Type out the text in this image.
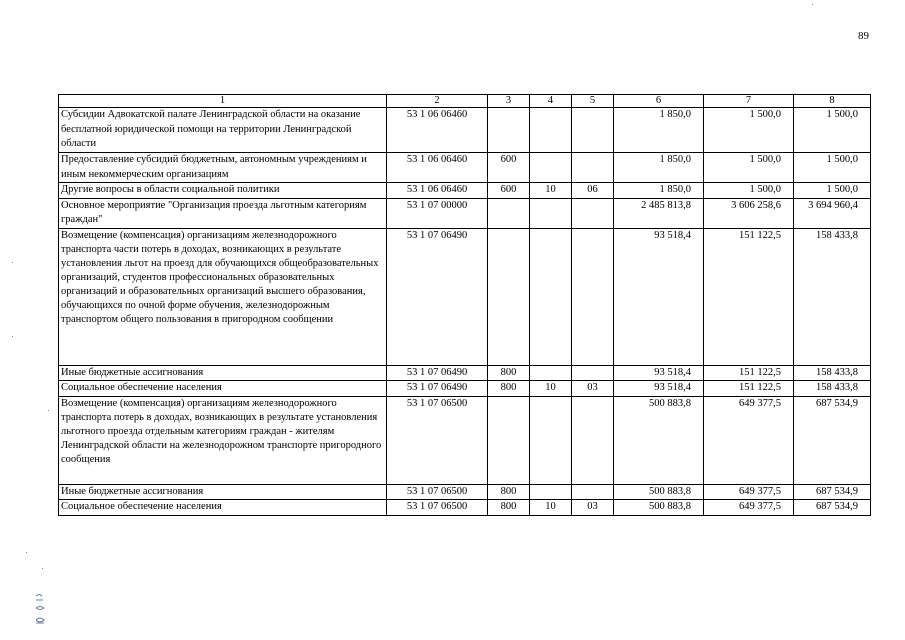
89
1	2	3	4	5	6	7	8
Субсидии Адвокатской палате Ленинградской области на оказание бесплатной юридической помощи на территории Ленинградской области	53 1 06 06460				1 850,0	1 500,0	1 500,0
Предоставление субсидий бюджетным, автономным учреждениям и иным некоммерческим организациям	53 1 06 06460	600			1 850,0	1 500,0	1 500,0
Другие вопросы в области социальной политики	53 1 06 06460	600	10	06	1 850,0	1 500,0	1 500,0
Основное мероприятие "Организация проезда льготным категориям граждан"	53 1 07 00000				2 485 813,8	3 606 258,6	3 694 960,4
Возмещение (компенсация) организациям железнодорожного транспорта части потерь в доходах, возникающих в результате установления льгот на проезд для обучающихся общеобразовательных организаций, студентов профессиональных образовательных организаций и образовательных организаций высшего образования, обучающихся по очной форме обучения, железнодорожным транспортом общего пользования в пригородном сообщении	53 1 07 06490				93 518,4	151 122,5	158 433,8
Иные бюджетные ассигнования	53 1 07 06490	800			93 518,4	151 122,5	158 433,8
Социальное обеспечение населения	53 1 07 06490	800	10	03	93 518,4	151 122,5	158 433,8
Возмещение (компенсация) организациям железнодорожного транспорта потерь в доходах, возникающих в результате установления льготного проезда отдельным категориям граждан - жителям Ленинградской области на железнодорожном транспорте пригородного сообщения	53 1 07 06500				500 883,8	649 377,5	687 534,9
Иные бюджетные ассигнования	53 1 07 06500	800			500 883,8	649 377,5	687 534,9
Социальное обеспечение населения	53 1 07 06500	800	10	03	500 883,8	649 377,5	687 534,9
